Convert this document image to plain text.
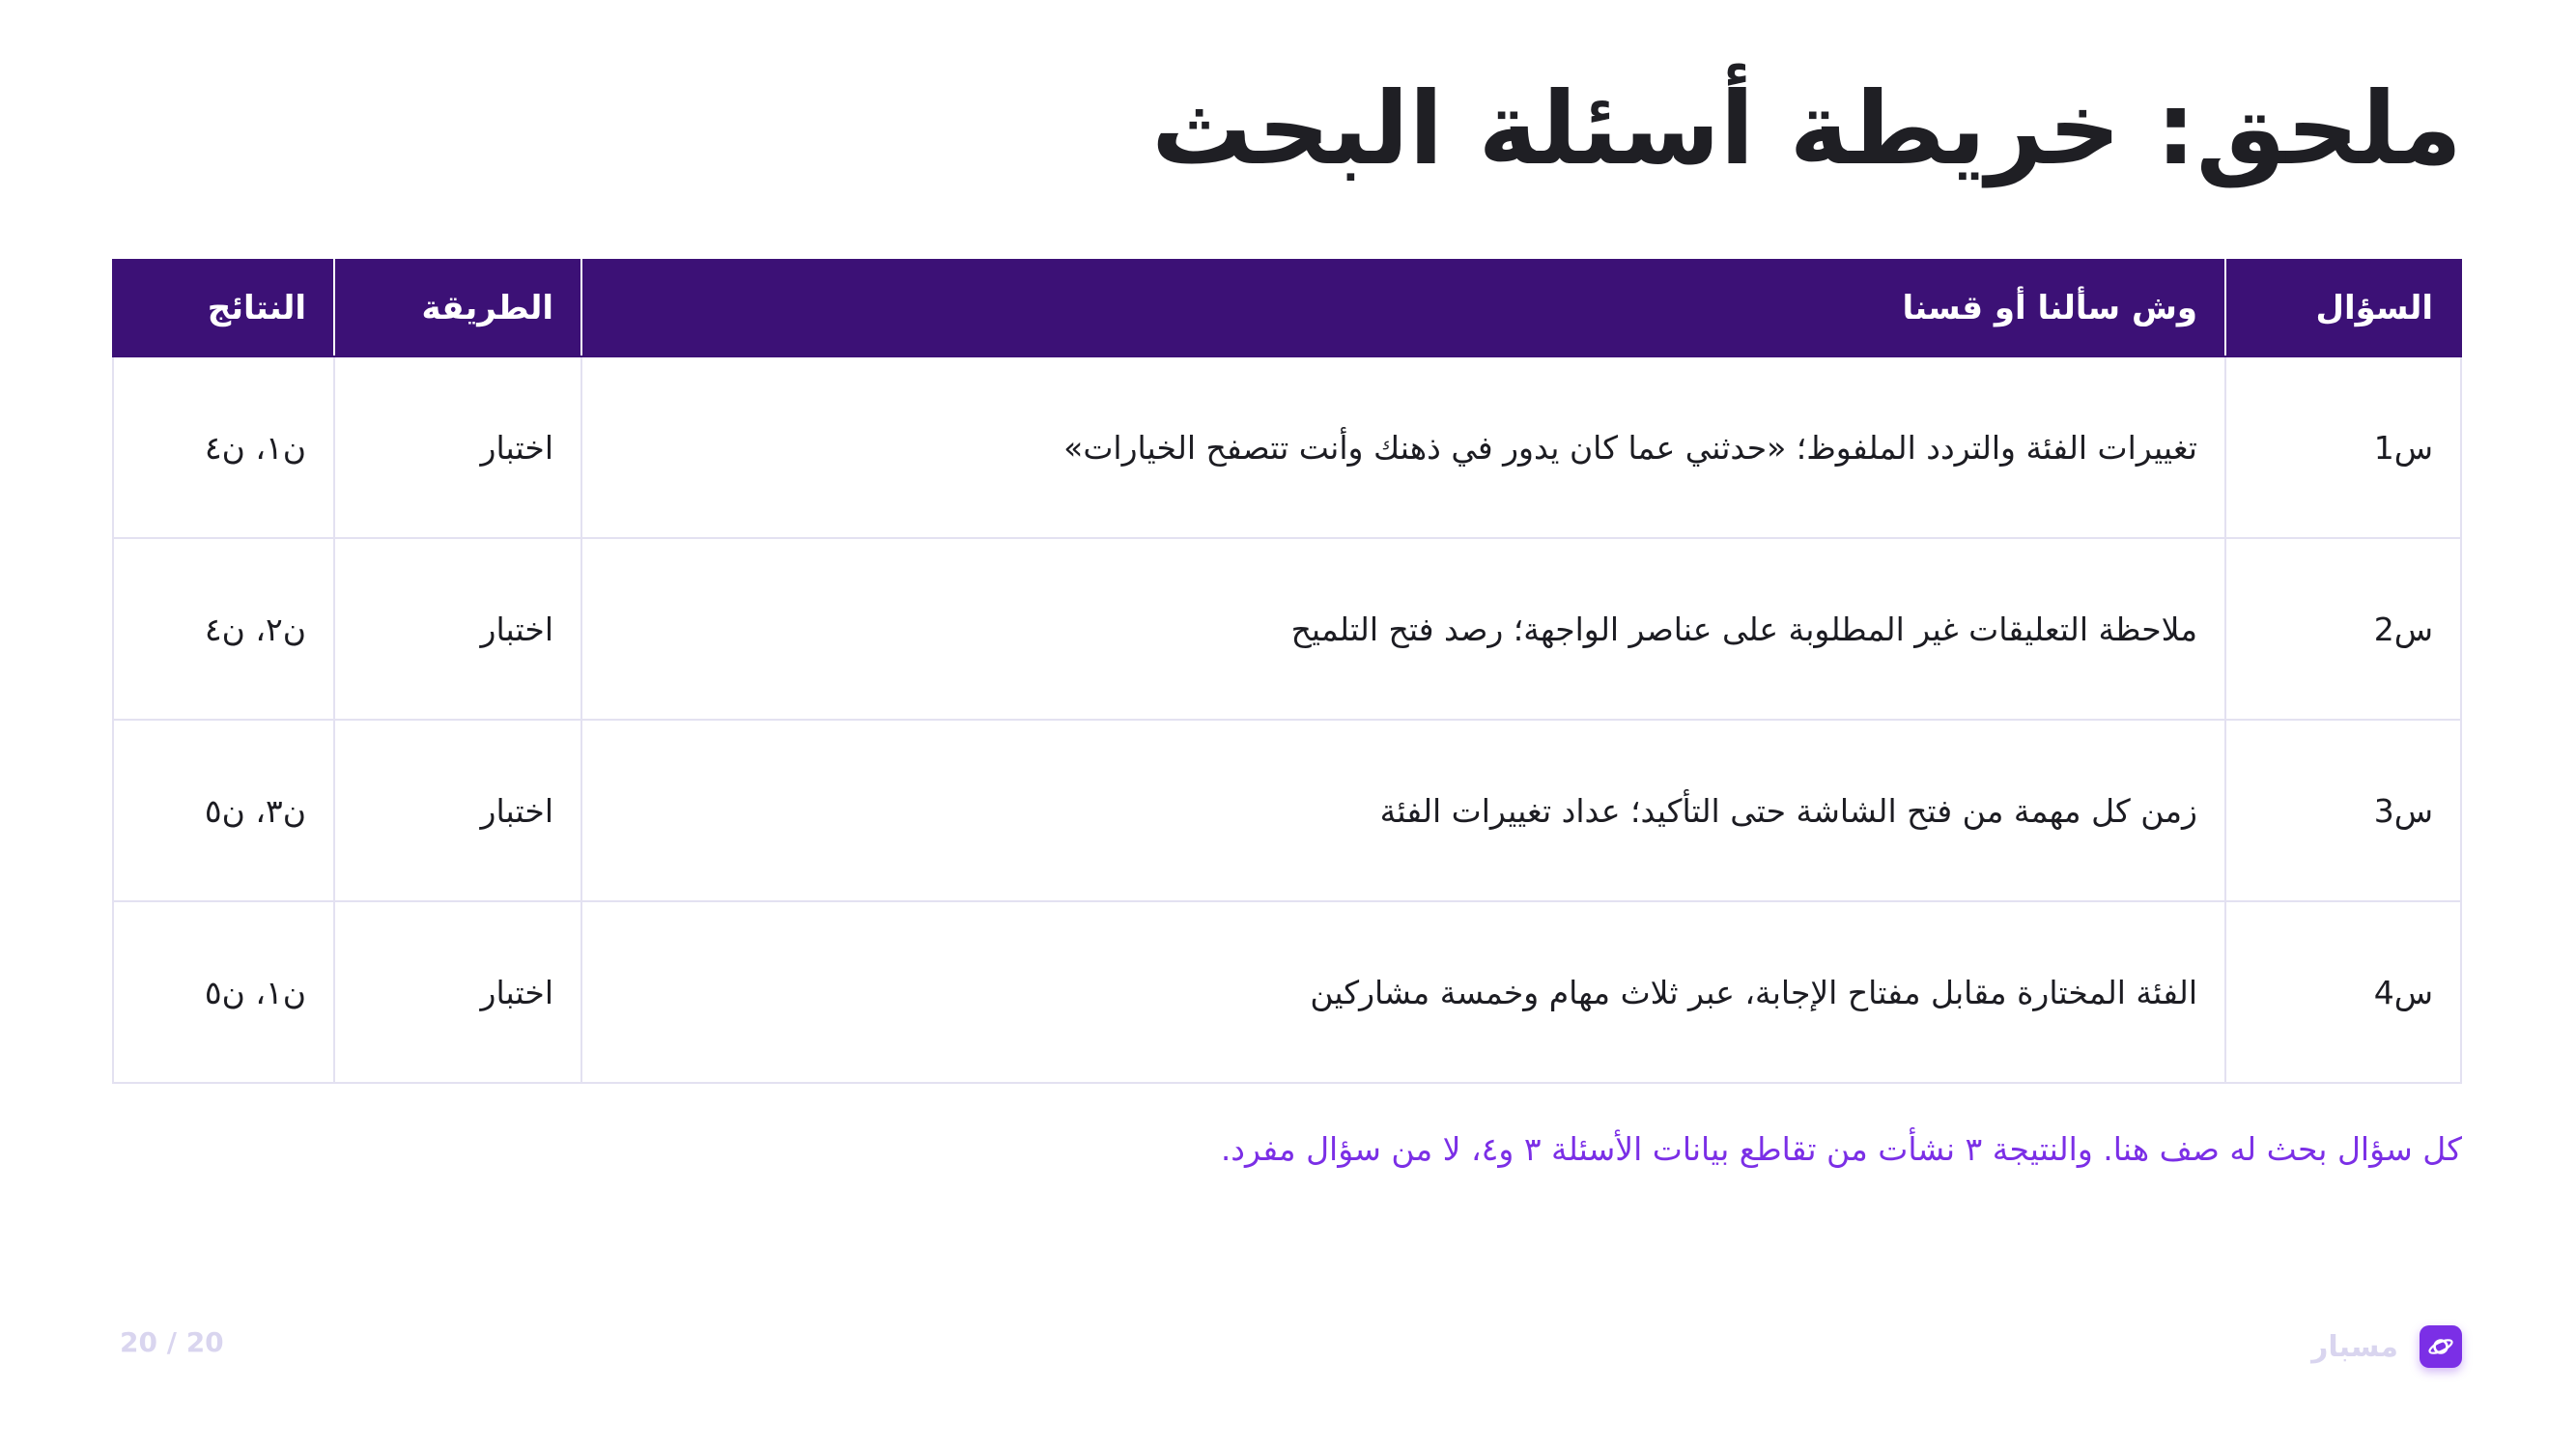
ملحق: خريطة أسئلة البحث
السؤال	وش سألنا أو قسنا	الطريقة	النتائج
س1	تغييرات الفئة والتردد الملفوظ؛ «حدثني عما كان يدور في ذهنك وأنت تتصفح الخيارات»	اختبار	ن١، ن٤
س2	ملاحظة التعليقات غير المطلوبة على عناصر الواجهة؛ رصد فتح التلميح	اختبار	ن٢، ن٤
س3	زمن كل مهمة من فتح الشاشة حتى التأكيد؛ عداد تغييرات الفئة	اختبار	ن٣، ن٥
س4	الفئة المختارة مقابل مفتاح الإجابة، عبر ثلاث مهام وخمسة مشاركين	اختبار	ن١، ن٥

كل سؤال بحث له صف هنا. والنتيجة ٣ نشأت من تقاطع بيانات الأسئلة ٣ و٤، لا من سؤال مفرد.

مسبار
20 / 20
